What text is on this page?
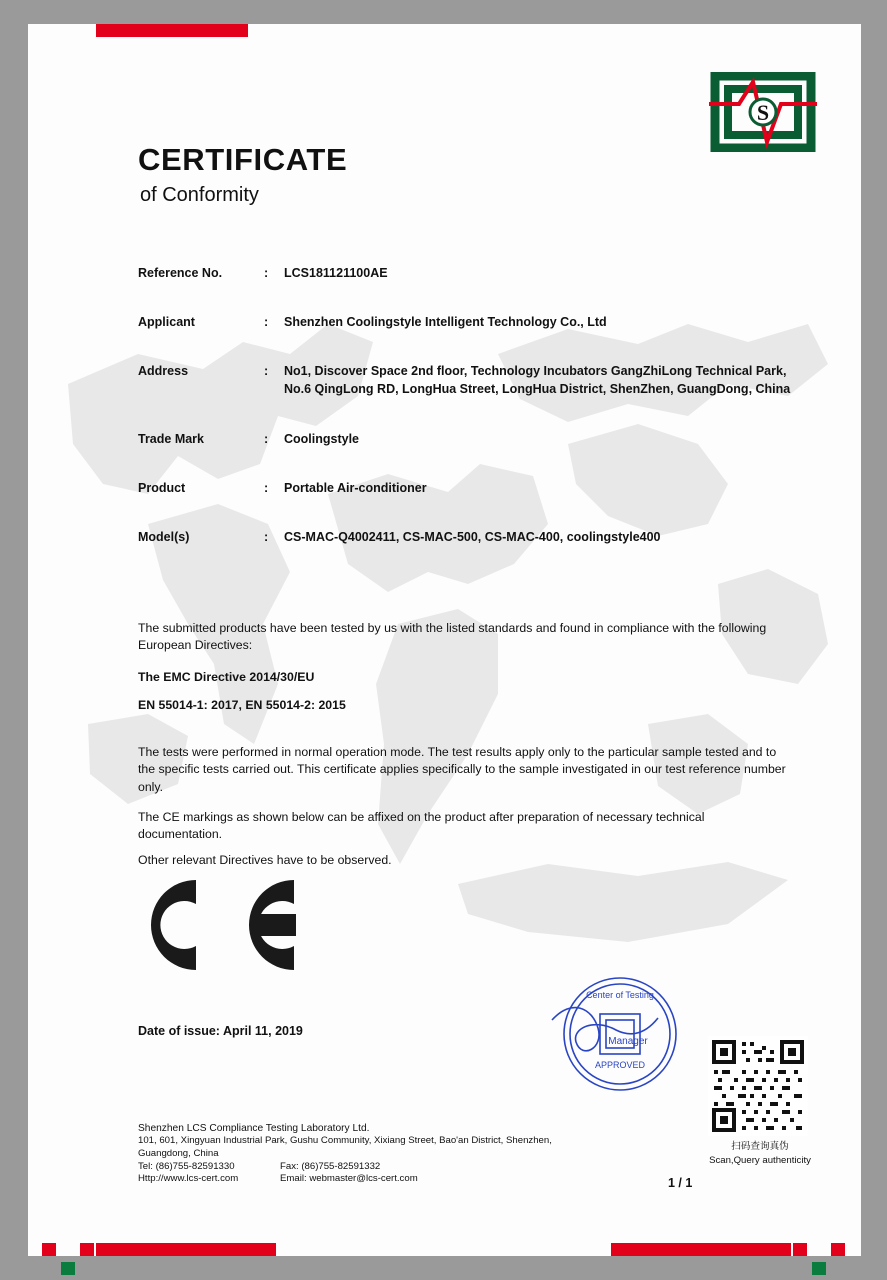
S
CERTIFICATE
of Conformity
Reference No.	:	LCS181121100AE
Applicant	:	Shenzhen Coolingstyle Intelligent Technology Co., Ltd
Address	:	No1, Discover Space 2nd floor, Technology Incubators GangZhiLong Technical Park, No.6 QingLong RD, LongHua Street, LongHua District, ShenZhen, GuangDong, China
Trade Mark	:	Coolingstyle
Product	:	Portable Air-conditioner
Model(s)	:	CS-MAC-Q4002411, CS-MAC-500, CS-MAC-400, coolingstyle400
The submitted products have been tested by us with the listed standards and found in compliance with the following European Directives:
The EMC Directive 2014/30/EU
EN 55014-1: 2017, EN 55014-2: 2015
The tests were performed in normal operation mode. The test results apply only to the particular sample tested and to the specific tests carried out. This certificate applies specifically to the sample investigated in our test reference number only.
The CE markings as shown below can be affixed on the product after preparation of necessary technical documentation.
Other relevant Directives have to be observed.
Date of issue: April 11, 2019
Center of Testing
APPROVED
Manager
扫码查询真伪
Scan,Query authenticity
Shenzhen LCS Compliance Testing Laboratory Ltd.
101, 601, Xingyuan Industrial Park, Gushu Community, Xixiang Street, Bao'an District, Shenzhen,
Guangdong, China
Tel: (86)755-82591330	Fax: (86)755-82591332
Http://www.lcs-cert.com	Email: webmaster@lcs-cert.com	1 / 1
